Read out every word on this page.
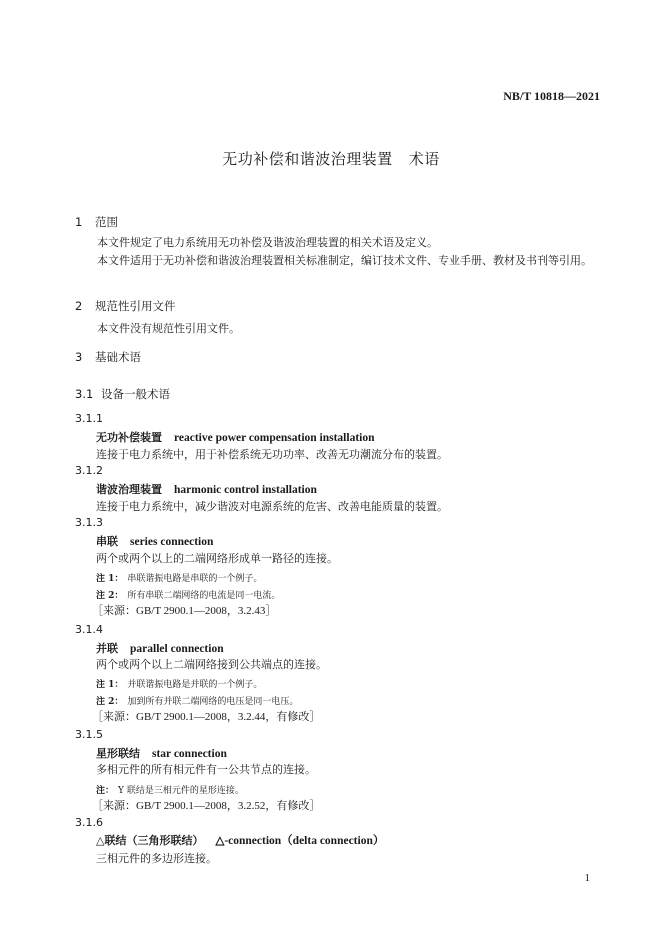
NB/T 10818—2021
无功补偿和谐波治理装置 术语
1 范围
本文件规定了电力系统用无功补偿及谐波治理装置的相关术语及定义。
本文件适用于无功补偿和谐波治理装置相关标准制定，编订技术文件、专业手册、教材及书刊等引用。
2 规范性引用文件
本文件没有规范性引用文件。
3 基础术语
3.1 设备一般术语
3.1.1
无功补偿装置 reactive power compensation installation
连接于电力系统中，用于补偿系统无功功率、改善无功潮流分布的装置。
3.1.2
谐波治理装置 harmonic control installation
连接于电力系统中，减少谐波对电源系统的危害、改善电能质量的装置。
3.1.3
串联 series connection
两个或两个以上的二端网络形成单一路径的连接。
注 1： 串联谐振电路是串联的一个例子。
注 2： 所有串联二端网络的电流是同一电流。
［来源：GB/T 2900.1—2008，3.2.43］
3.1.4
并联 parallel connection
两个或两个以上二端网络接到公共端点的连接。
注 1： 并联谐振电路是并联的一个例子。
注 2： 加到所有并联二端网络的电压是同一电压。
［来源：GB/T 2900.1—2008，3.2.44，有修改］
3.1.5
星形联结 star connection
多相元件的所有相元件有一公共节点的连接。
注： Y 联结是三相元件的星形连接。
［来源：GB/T 2900.1—2008，3.2.52，有修改］
3.1.6
△联结（三角形联结） △-connection（delta connection）
三相元件的多边形连接。
1
